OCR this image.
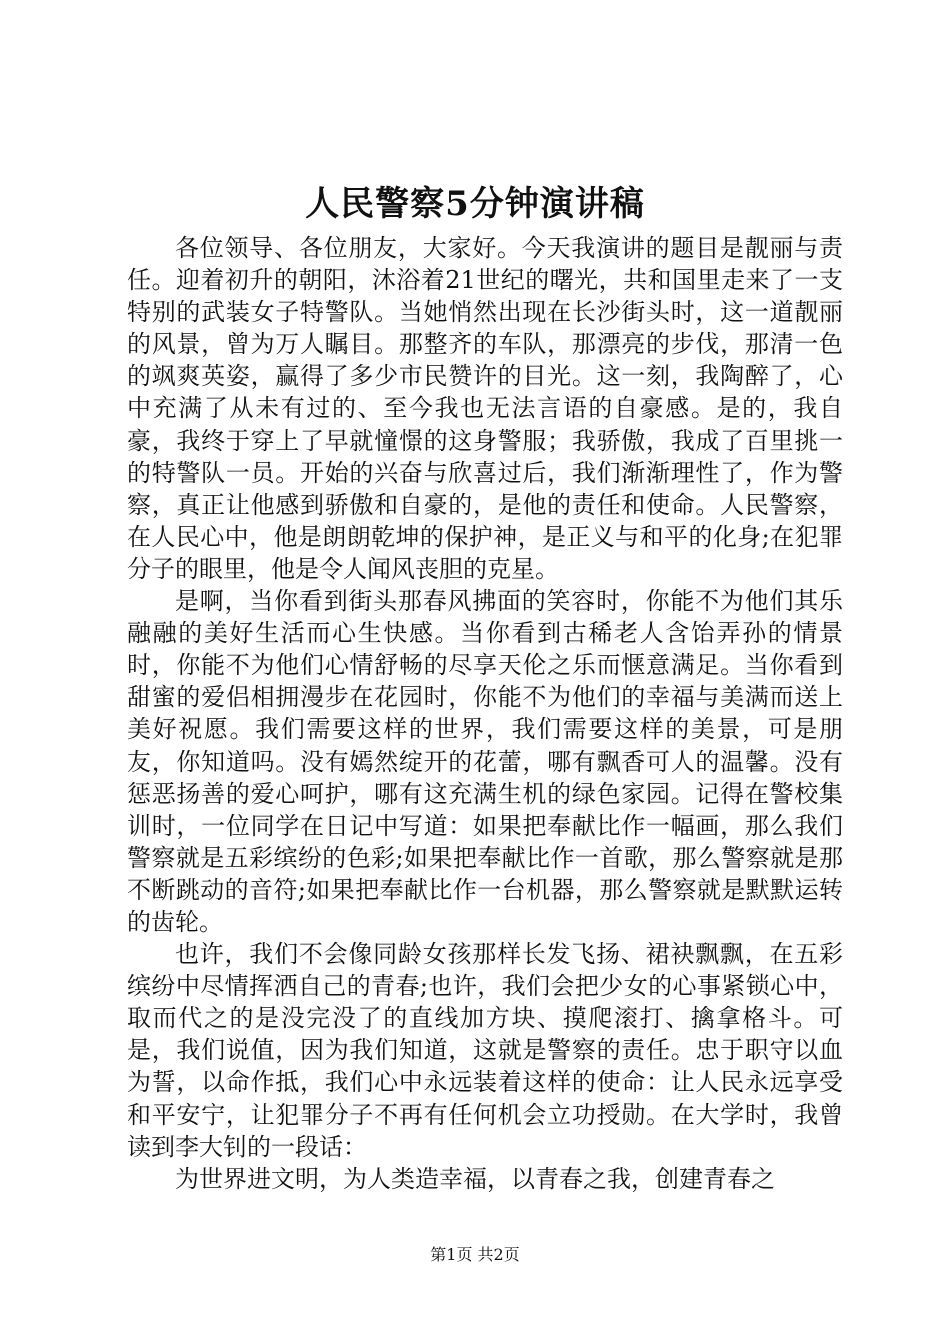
人民警察5分钟演讲稿

各位领导、各位朋友，大家好。今天我演讲的题目是靓丽与责任。迎着初升的朝阳，沐浴着21世纪的曙光，共和国里走来了一支特别的武装女子特警队。当她悄然出现在长沙街头时，这一道靓丽的风景，曾为万人瞩目。那整齐的车队，那漂亮的步伐，那清一色的飒爽英姿，赢得了多少市民赞许的目光。这一刻，我陶醉了，心中充满了从未有过的、至今我也无法言语的自豪感。是的，我自豪，我终于穿上了早就憧憬的这身警服；我骄傲，我成了百里挑一的特警队一员。开始的兴奋与欣喜过后，我们渐渐理性了，作为警察，真正让他感到骄傲和自豪的，是他的责任和使命。人民警察，在人民心中，他是朗朗乾坤的保护神，是正义与和平的化身;在犯罪分子的眼里，他是令人闻风丧胆的克星。

是啊，当你看到街头那春风拂面的笑容时，你能不为他们其乐融融的美好生活而心生快感。当你看到古稀老人含饴弄孙的情景时，你能不为他们心情舒畅的尽享天伦之乐而惬意满足。当你看到甜蜜的爱侣相拥漫步在花园时，你能不为他们的幸福与美满而送上美好祝愿。我们需要这样的世界，我们需要这样的美景，可是朋友，你知道吗。没有嫣然绽开的花蕾，哪有飘香可人的温馨。没有惩恶扬善的爱心呵护，哪有这充满生机的绿色家园。记得在警校集训时，一位同学在日记中写道：如果把奉献比作一幅画，那么我们警察就是五彩缤纷的色彩;如果把奉献比作一首歌，那么警察就是那不断跳动的音符;如果把奉献比作一台机器，那么警察就是默默运转的齿轮。

也许，我们不会像同龄女孩那样长发飞扬、裙袂飘飘，在五彩缤纷中尽情挥洒自己的青春;也许，我们会把少女的心事紧锁心中，取而代之的是没完没了的直线加方块、摸爬滚打、擒拿格斗。可是，我们说值，因为我们知道，这就是警察的责任。忠于职守以血为誓，以命作抵，我们心中永远装着这样的使命：让人民永远享受和平安宁，让犯罪分子不再有任何机会立功授勋。在大学时，我曾读到李大钊的一段话：

为世界进文明，为人类造幸福，以青春之我，创建青春之

第1页 共2页
